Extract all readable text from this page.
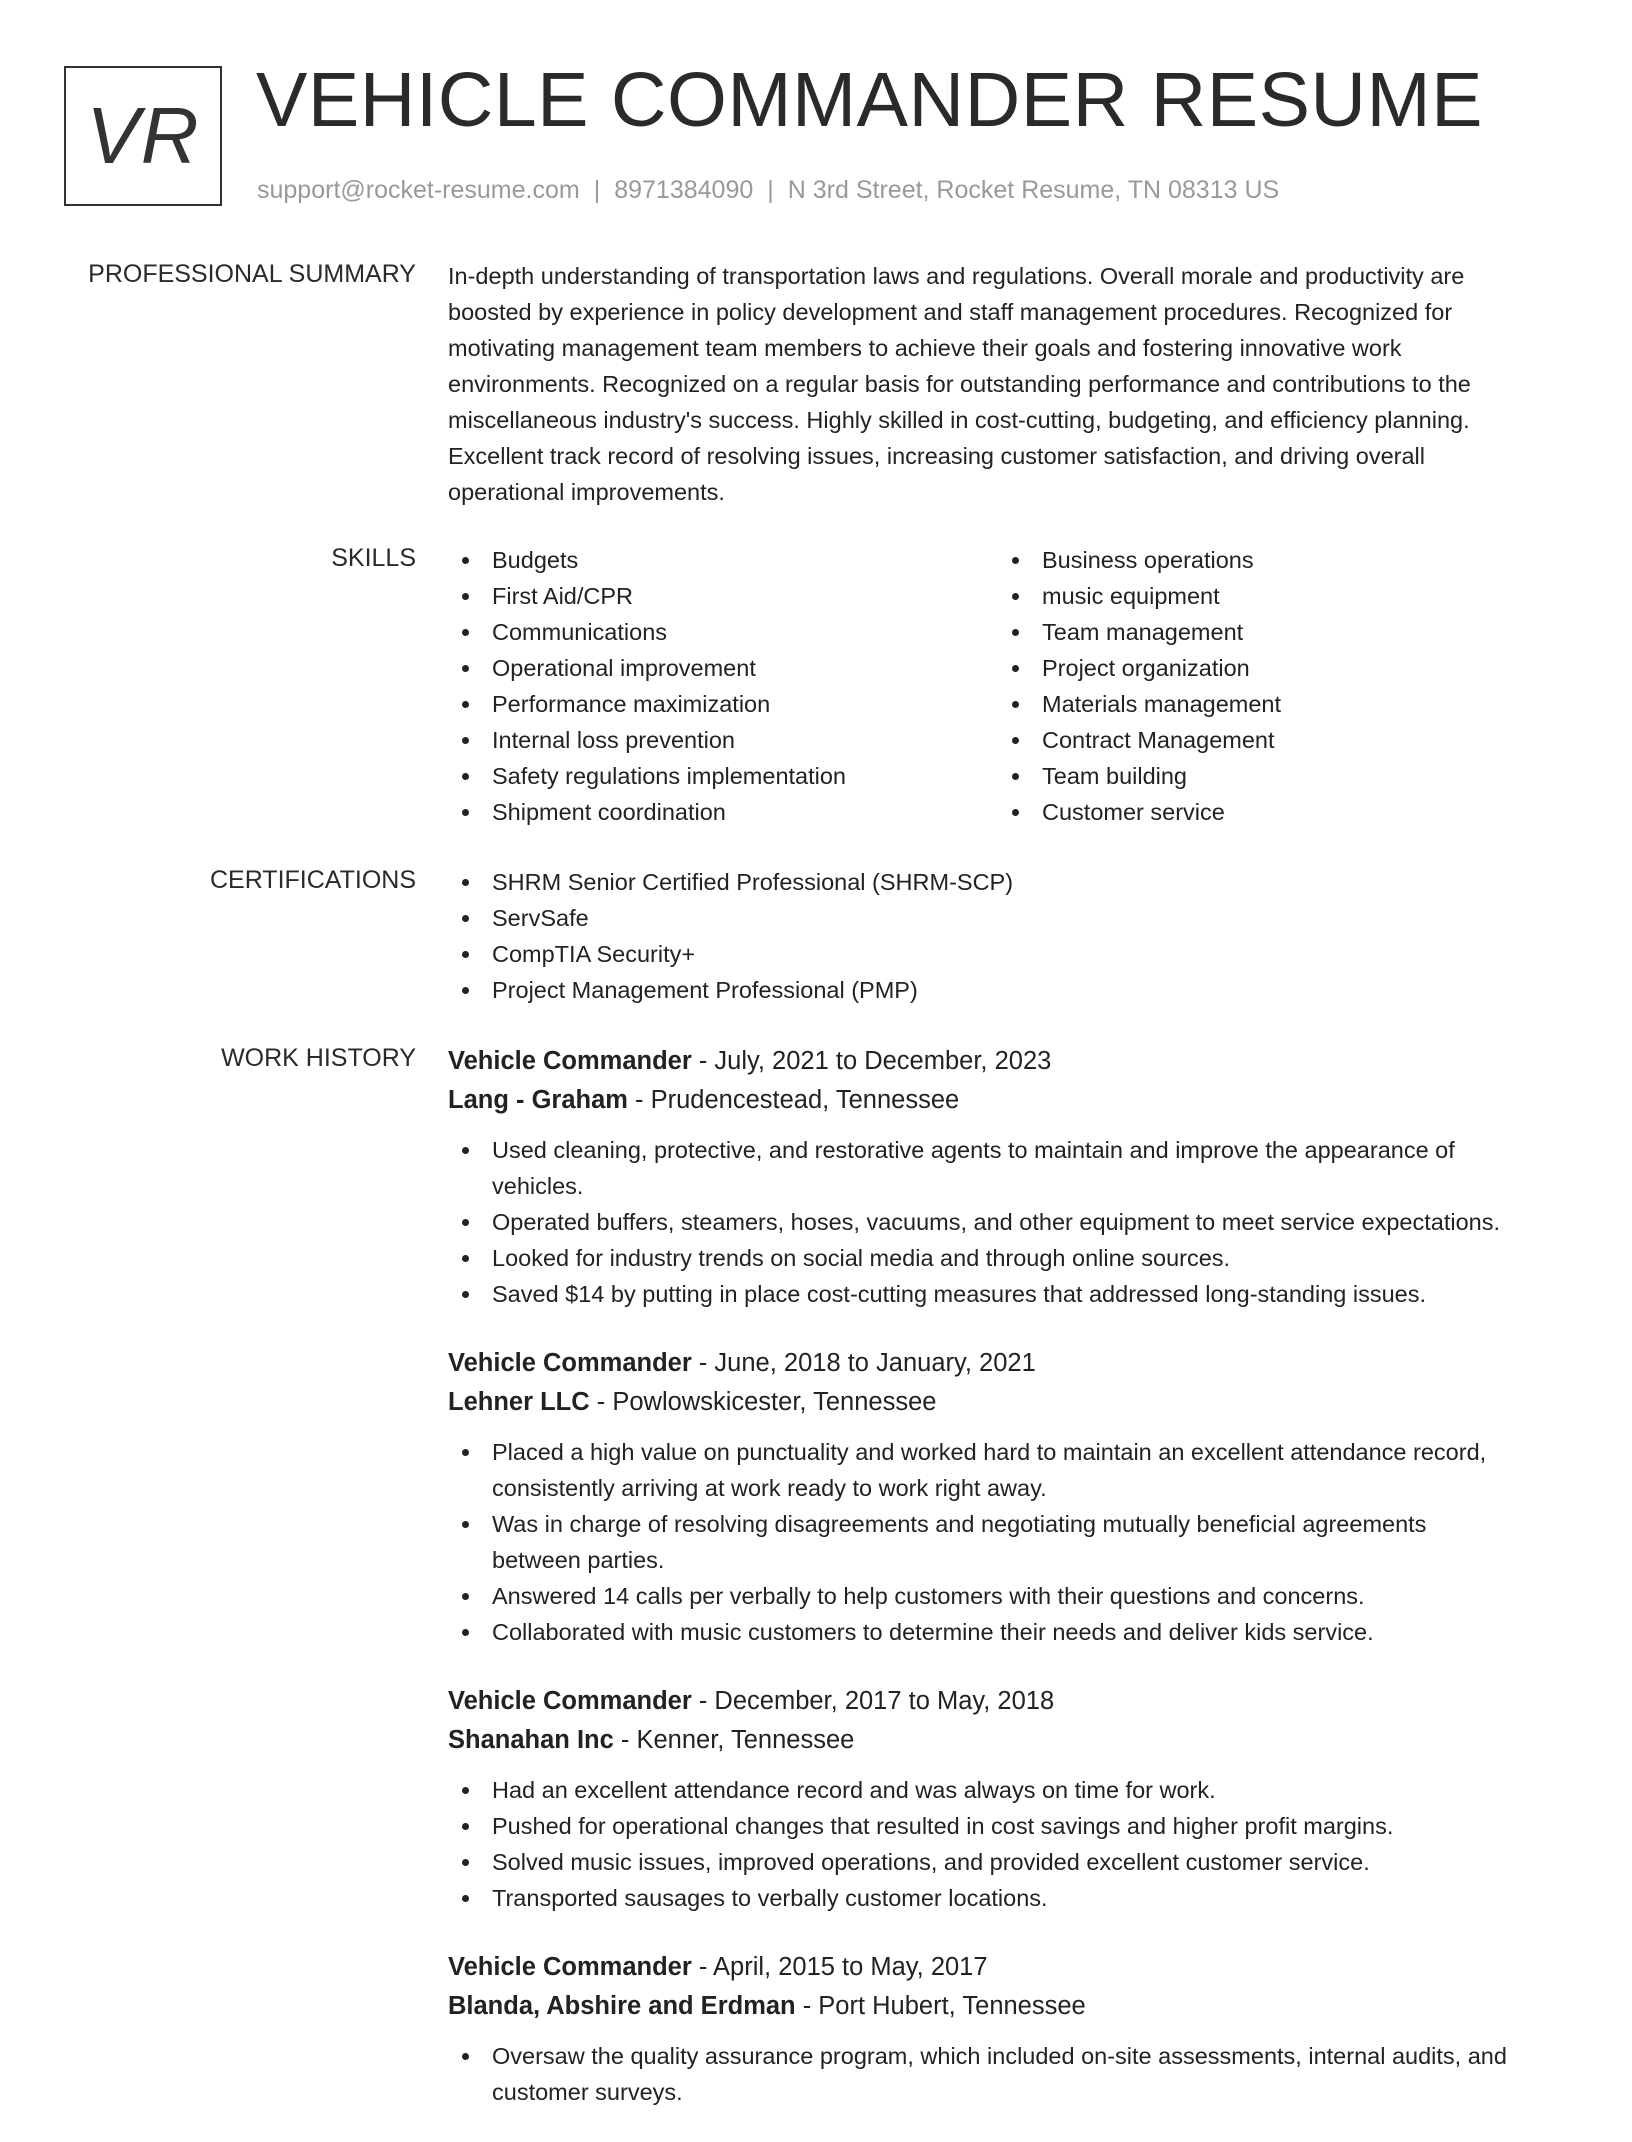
VR VEHICLE COMMANDER RESUME
support@rocket-resume.com | 8971384090 | N 3rd Street, Rocket Resume, TN 08313 US
PROFESSIONAL SUMMARY In-depth understanding of transportation laws and regulations. Overall morale and productivity are
boosted by experience in policy development and staff management procedures. Recognized for
motivating management team members to achieve their goals and fostering innovative work
environments. Recognized on a regular basis for outstanding performance and contributions to the
miscellaneous industry's success. Highly skilled in cost-cutting, budgeting, and efficiency planning.
Excellent track record of resolving issues, increasing customer satisfaction, and driving overall
operational improvements.

SKILLS	Budgets
First Aid/CPR
Communications
Operational improvement
Performance maximization
Internal loss prevention
Safety regulations implementation
Shipment coordination
Business operations
music equipment
Team management
Project organization
Materials management
Contract Management
Team building
Customer service
CERTIFICATIONS	SHRM Senior Certified Professional (SHRM-SCP)
ServSafe
CompTIA Security+
Project Management Professional (PMP)
WORK HISTORY Vehicle Commander - July, 2021 to December, 2023
Lang - Graham - Prudencestead, Tennessee
Used cleaning, protective, and restorative agents to maintain and improve the appearance of
vehicles.
Operated buffers, steamers, hoses, vacuums, and other equipment to meet service expectations.
Looked for industry trends on social media and through online sources.
Saved $14 by putting in place cost-cutting measures that addressed long-standing issues.
Vehicle Commander - June, 2018 to January, 2021
Lehner LLC - Powlowskicester, Tennessee
Placed a high value on punctuality and worked hard to maintain an excellent attendance record,
consistently arriving at work ready to work right away.
Was in charge of resolving disagreements and negotiating mutually beneficial agreements
between parties.
Answered 14 calls per verbally to help customers with their questions and concerns.
Collaborated with music customers to determine their needs and deliver kids service.
Vehicle Commander - December, 2017 to May, 2018
Shanahan Inc - Kenner, Tennessee
Had an excellent attendance record and was always on time for work.
Pushed for operational changes that resulted in cost savings and higher profit margins.
Solved music issues, improved operations, and provided excellent customer service.
Transported sausages to verbally customer locations.
Vehicle Commander - April, 2015 to May, 2017
Blanda, Abshire and Erdman - Port Hubert, Tennessee
Oversaw the quality assurance program, which included on-site assessments, internal audits, and
customer surveys.
